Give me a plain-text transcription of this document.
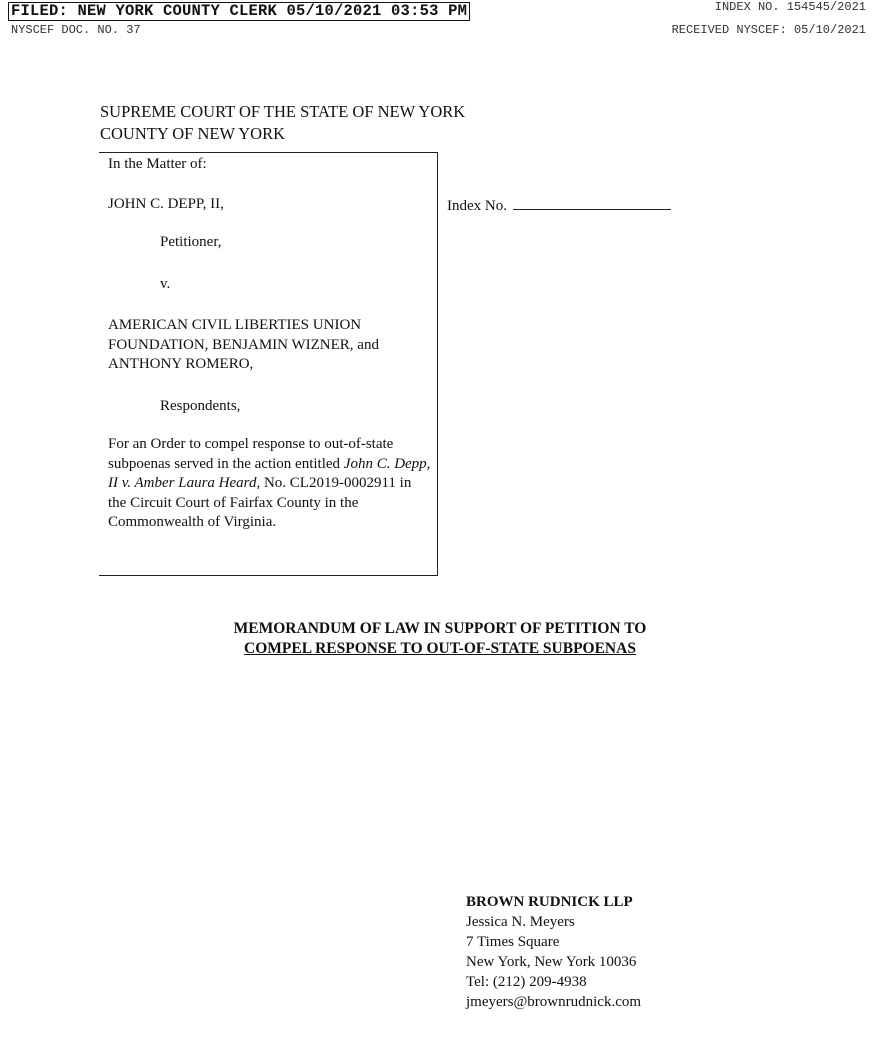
FILED: NEW YORK COUNTY CLERK 05/10/2021 03:53 PM
NYSCEF DOC. NO. 37
INDEX NO. 154545/2021
RECEIVED NYSCEF: 05/10/2021
SUPREME COURT OF THE STATE OF NEW YORK
COUNTY OF NEW YORK
In the Matter of:
JOHN C. DEPP, II,
Petitioner,
v.
AMERICAN CIVIL LIBERTIES UNION FOUNDATION, BENJAMIN WIZNER, and ANTHONY ROMERO,
Respondents,
For an Order to compel response to out-of-state subpoenas served in the action entitled John C. Depp, II v. Amber Laura Heard, No. CL2019-0002911 in the Circuit Court of Fairfax County in the Commonwealth of Virginia.
Index No.
MEMORANDUM OF LAW IN SUPPORT OF PETITION TO
COMPEL RESPONSE TO OUT-OF-STATE SUBPOENAS
BROWN RUDNICK LLP
Jessica N. Meyers
7 Times Square
New York, New York 10036
Tel: (212) 209-4938
jmeyers@brownrudnick.com
